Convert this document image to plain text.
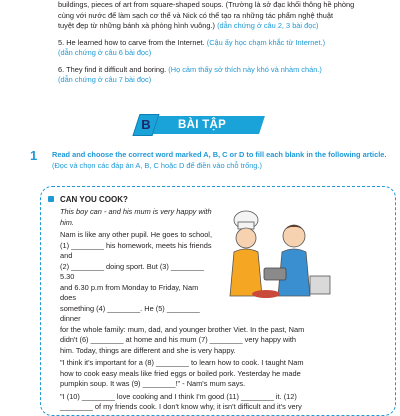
buildings, pieces of art from square-shaped soups. (Trường là sở đạc khối thông hề phòng

cùng với nước để làm sạch cơ thể và Nick có thể tạo ra những tác phẩm nghệ thuật

tuyệt đẹp từ những bánh xà phòng hình vuông.) (dẫn chứng ở câu 2, 3 bài đọc)

5. He learned how to carve from the Internet. (Cậu ấy học chạm khắc từ Internet.)

(dẫn chứng ở câu 6 bài đọc)

6. They find it difficult and boring. (Họ cảm thấy sở thích này khó và nhàm chán.)

(dẫn chứng ở câu 7 bài đọc)

B	BÀI TẬP
1 Read and choose the correct word marked A, B, C or D to fill each blank in the following article. (Đọc và chọn các đáp án A, B, C hoặc D để điền vào chỗ trống.)

CAN YOU COOK?

This boy can - and his mum is very happy with him.

Nam is like any other pupil. He goes to school,

(1) ________ his homework, meets his friends and

(2) ________ doing sport. But (3) ________ 5.30

and 6.30 p.m from Monday to Friday, Nam does

something (4) ________. He (5) ________ dinner

for the whole family: mum, dad, and younger brother Viet. In the past, Nam

didn't (6) ________ at home and his mum (7) ________ very happy with

him. Today, things are different and she is very happy.

"I think it's important for a (8) ________ to learn how to cook. I taught Nam

how to cook easy meals like fried eggs or boiled pork. Yesterday he made

pumpkin soup. It was (9) ________!" - Nam's mum says.

"I (10) ________ love cooking and I think I'm good (11) ________ it. (12)

________ of my friends cook. I don't know why, it isn't difficult and it's very
